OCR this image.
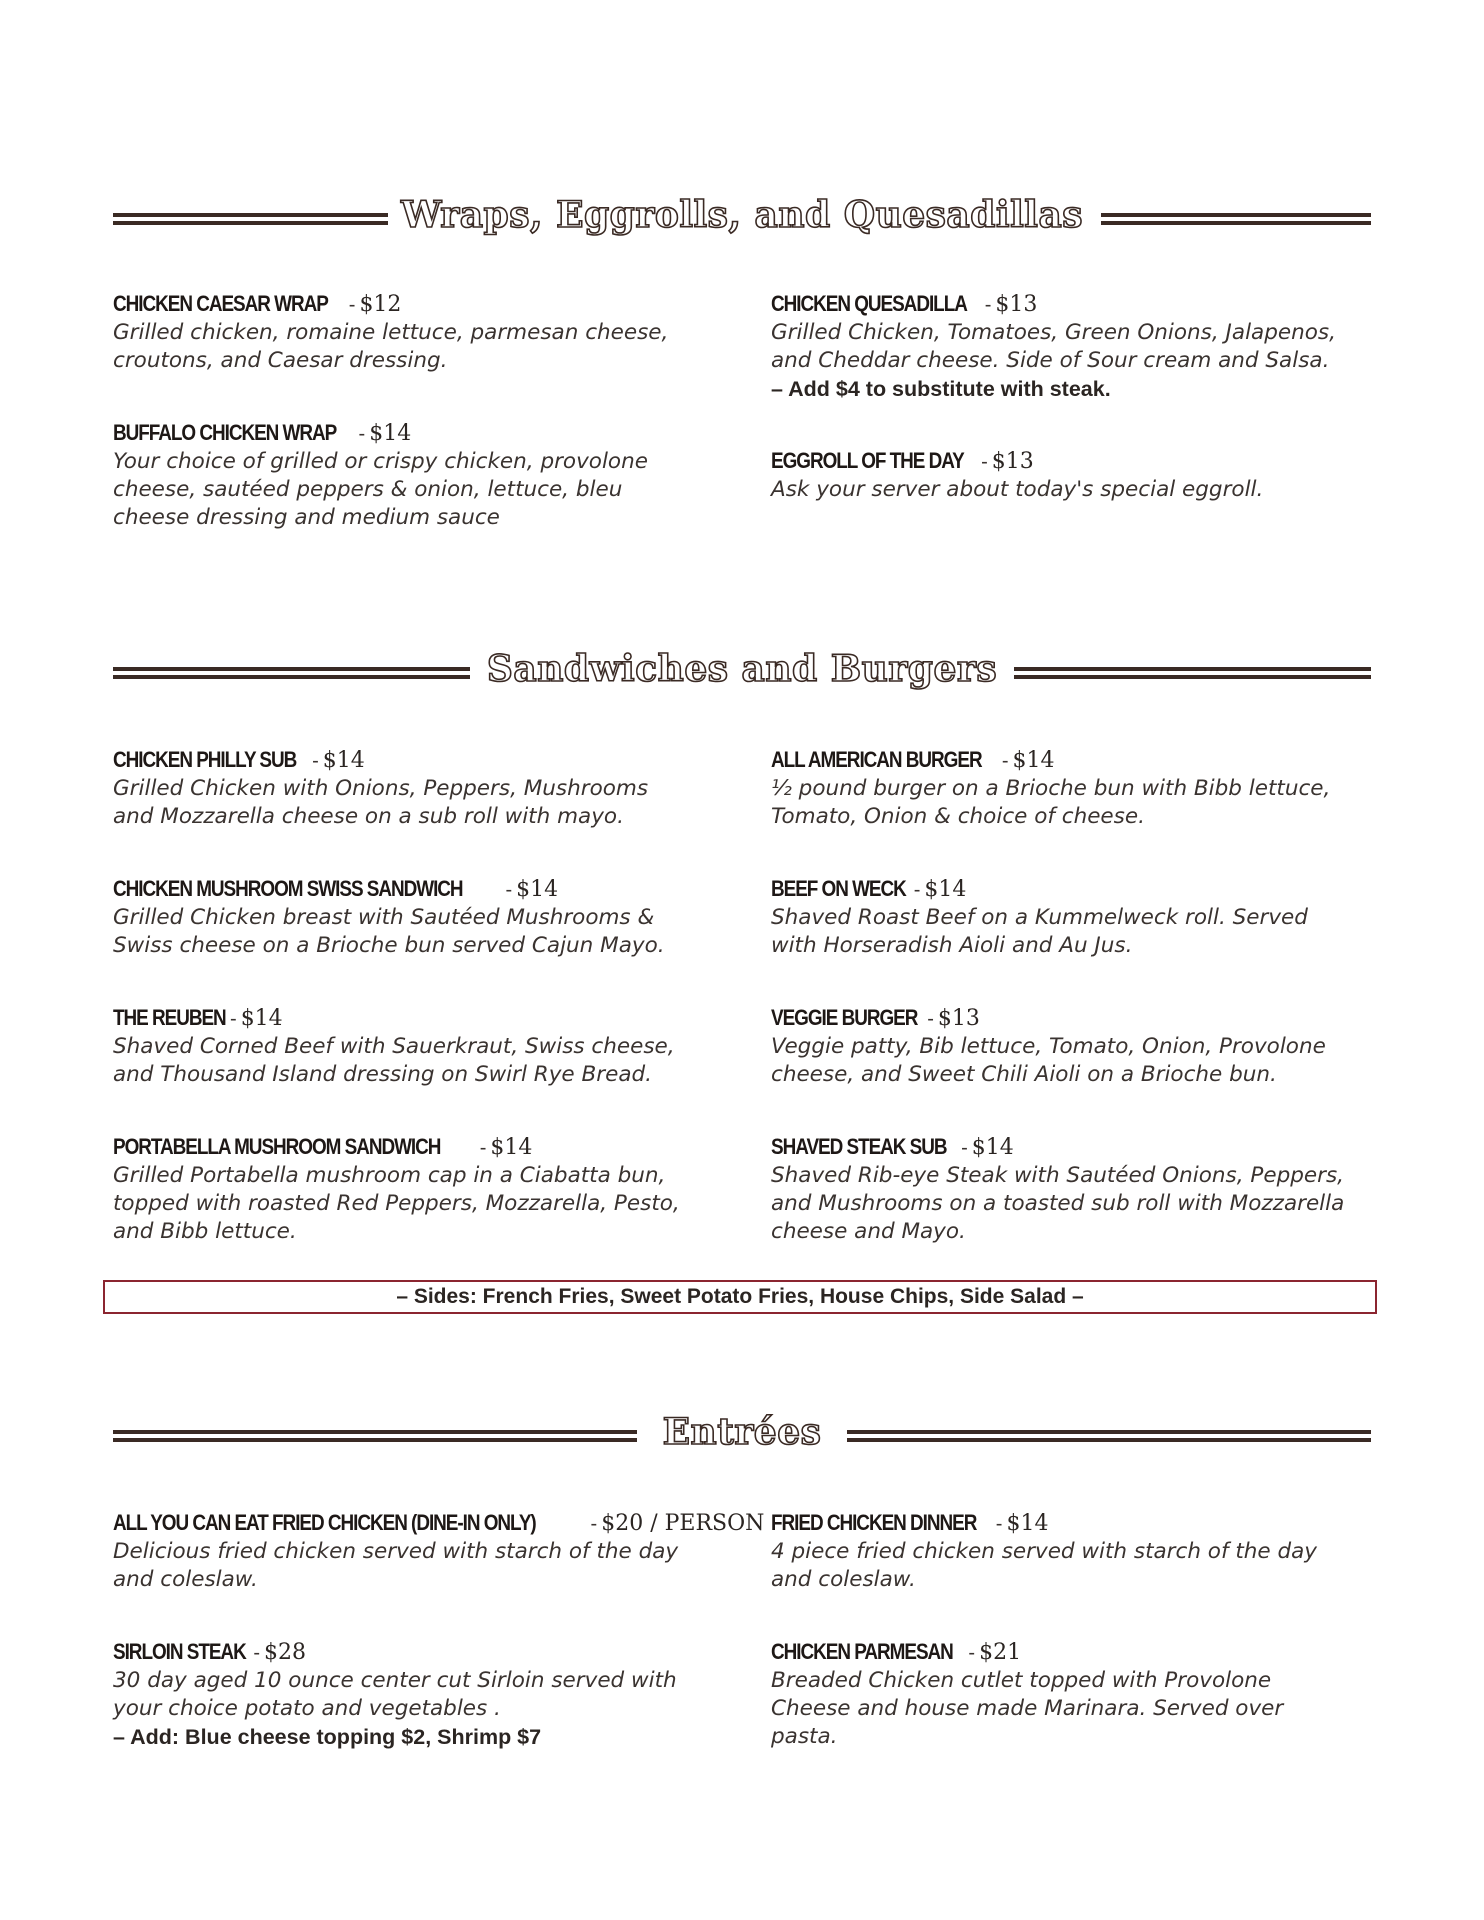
Wraps, Eggrolls, and Quesadillas
CHICKEN CAESAR WRAP - $12
Grilled chicken, romaine lettuce, parmesan cheese, croutons, and Caesar dressing.
BUFFALO CHICKEN WRAP - $14
Your choice of grilled or crispy chicken, provolone cheese, sautéed peppers & onion, lettuce, bleu cheese dressing and medium sauce
CHICKEN QUESADILLA - $13
Grilled Chicken, Tomatoes, Green Onions, Jalapenos, and Cheddar cheese. Side of Sour cream and Salsa.
– Add $4 to substitute with steak.
EGGROLL OF THE DAY - $13
Ask your server about today's special eggroll.
Sandwiches and Burgers
CHICKEN PHILLY SUB - $14
Grilled Chicken with Onions, Peppers, Mushrooms and Mozzarella cheese on a sub roll with mayo.
CHICKEN MUSHROOM SWISS SANDWICH - $14
Grilled Chicken breast with Sautéed Mushrooms & Swiss cheese on a Brioche bun served Cajun Mayo.
THE REUBEN - $14
Shaved Corned Beef with Sauerkraut, Swiss cheese, and Thousand Island dressing on Swirl Rye Bread.
PORTABELLA MUSHROOM SANDWICH - $14
Grilled Portabella mushroom cap in a Ciabatta bun, topped with roasted Red Peppers, Mozzarella, Pesto, and Bibb lettuce.
ALL AMERICAN BURGER - $14
½ pound burger on a Brioche bun with Bibb lettuce, Tomato, Onion & choice of cheese.
BEEF ON WECK - $14
Shaved Roast Beef on a Kummelweck roll. Served with Horseradish Aioli and Au Jus.
VEGGIE BURGER - $13
Veggie patty, Bib lettuce, Tomato, Onion, Provolone cheese, and Sweet Chili Aioli on a Brioche bun.
SHAVED STEAK SUB - $14
Shaved Rib-eye Steak with Sautéed Onions, Peppers, and Mushrooms on a toasted sub roll with Mozzarella cheese and Mayo.
– Sides: French Fries, Sweet Potato Fries, House Chips, Side Salad –
Entrées
ALL YOU CAN EAT FRIED CHICKEN (DINE-IN ONLY)	- $20 / PERSON
Delicious fried chicken served with starch of the day and coleslaw.
SIRLOIN STEAK - $28
30 day aged 10 ounce center cut Sirloin served with your choice potato and vegetables .
– Add: Blue cheese topping $2, Shrimp $7
FRIED CHICKEN DINNER - $14
4 piece fried chicken served with starch of the day and coleslaw.
CHICKEN PARMESAN - $21
Breaded Chicken cutlet topped with Provolone Cheese and house made Marinara. Served over pasta.
